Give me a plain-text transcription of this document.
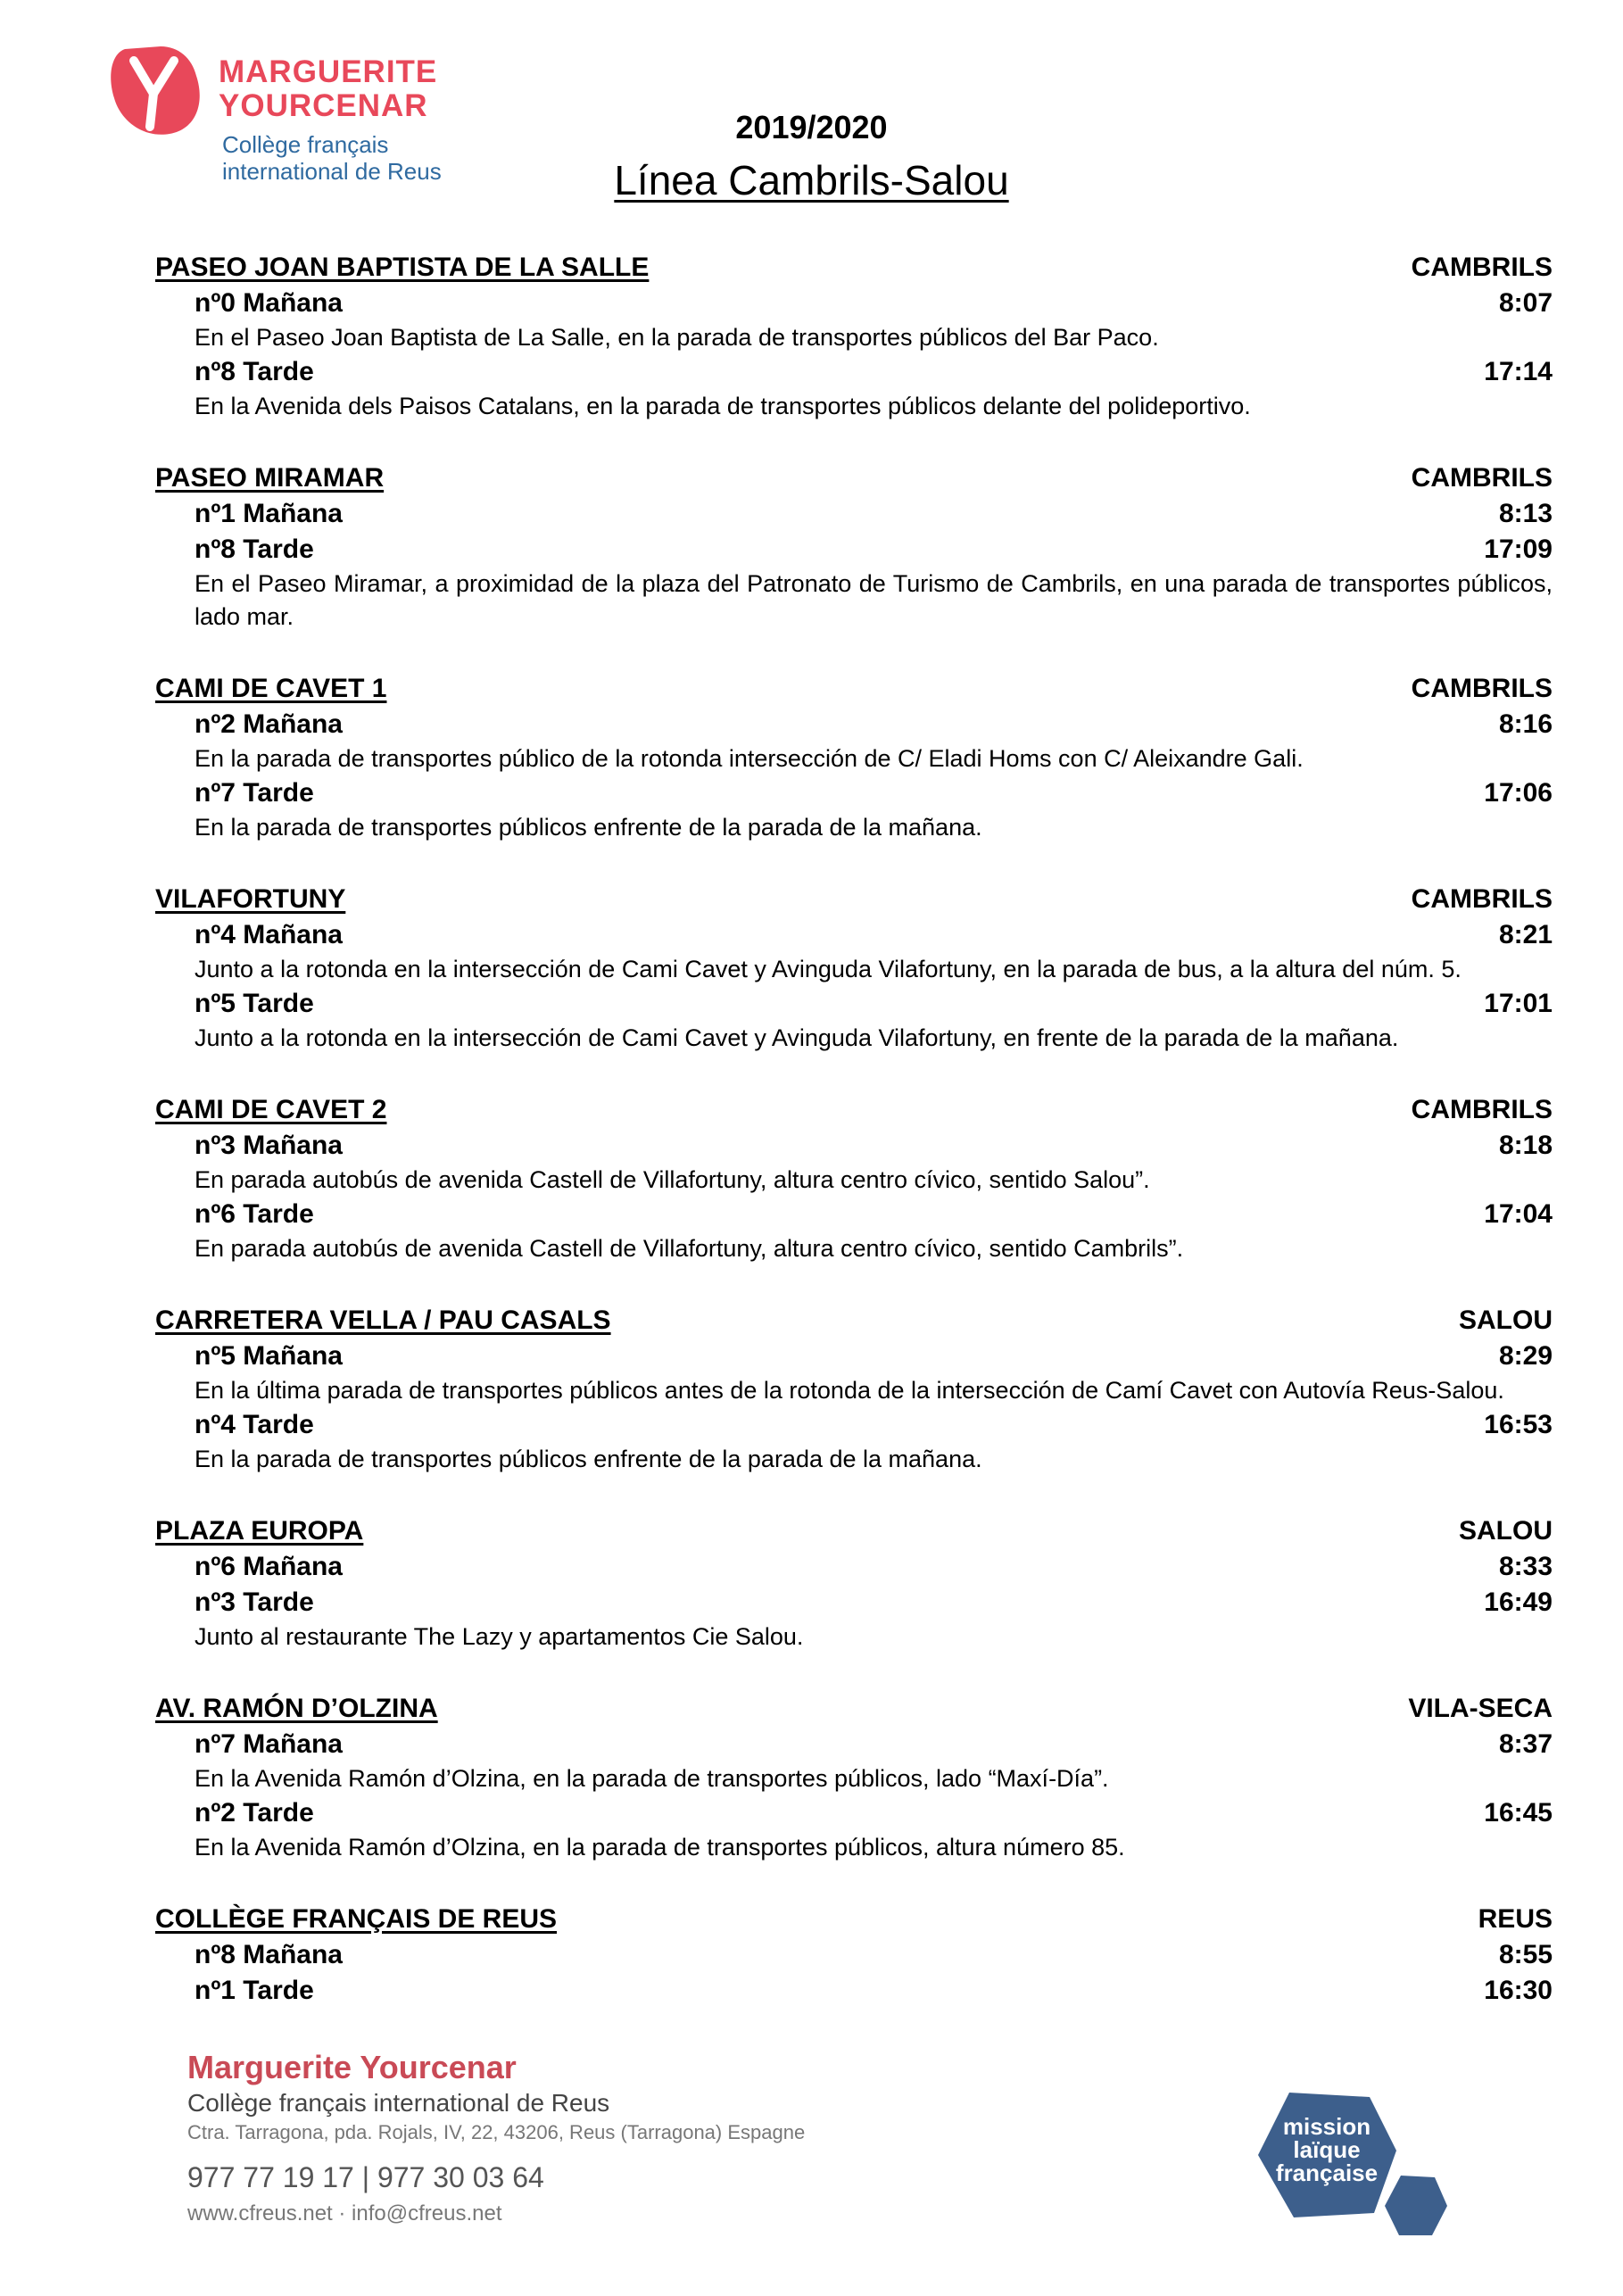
MARGUERITE
YOURCENAR
Collège français
international de Reus
2019/2020
Línea Cambrils-Salou
PASEO JOAN BAPTISTA DE LA SALLE	CAMBRILS
nº0 Mañana	8:07
En el Paseo Joan Baptista de La Salle, en la parada de transportes públicos del Bar Paco.
nº8 Tarde	17:14
En la Avenida dels Paisos Catalans, en la parada de transportes públicos delante del polideportivo.
PASEO MIRAMAR	CAMBRILS
nº1 Mañana	8:13
nº8 Tarde	17:09
En el Paseo Miramar, a proximidad de la plaza del Patronato de Turismo de Cambrils, en una parada de transportes públicos, lado mar.
CAMI DE CAVET 1	CAMBRILS
nº2 Mañana	8:16
En la parada de transportes público de la rotonda intersección de C/ Eladi Homs con C/ Aleixandre Gali.
nº7 Tarde	17:06
En la parada de transportes públicos enfrente de la parada de la mañana.
VILAFORTUNY	CAMBRILS
nº4 Mañana	8:21
Junto a la rotonda en la intersección de Cami Cavet y Avinguda Vilafortuny, en la parada de bus, a la altura del núm. 5.
nº5 Tarde	17:01
Junto a la rotonda en la intersección de Cami Cavet y Avinguda Vilafortuny, en frente de la parada de la mañana.
CAMI DE CAVET 2	CAMBRILS
nº3 Mañana	8:18
En parada autobús de avenida Castell de Villafortuny, altura centro cívico, sentido Salou”.
nº6 Tarde	17:04
En parada autobús de avenida Castell de Villafortuny, altura centro cívico, sentido Cambrils”.
CARRETERA VELLA / PAU CASALS	SALOU
nº5 Mañana	8:29
En la última parada de transportes públicos antes de la rotonda de la intersección de Camí Cavet con Autovía Reus-Salou.
nº4 Tarde	16:53
En la parada de transportes públicos enfrente de la parada de la mañana.
PLAZA EUROPA	SALOU
nº6 Mañana	8:33
nº3 Tarde	16:49
Junto al restaurante The Lazy y apartamentos Cie Salou.
AV. RAMÓN D’OLZINA	VILA-SECA
nº7 Mañana	8:37
En la Avenida Ramón d’Olzina, en la parada de transportes públicos, lado “Maxí-Día”.
nº2 Tarde	16:45
En la Avenida Ramón d’Olzina, en la parada de transportes públicos, altura número 85.
COLLÈGE FRANÇAIS DE REUS	REUS
nº8 Mañana	8:55
nº1 Tarde	16:30
Marguerite Yourcenar
Collège français international de Reus
Ctra. Tarragona, pda. Rojals, IV, 22, 43206, Reus (Tarragona) Espagne
977 77 19 17 | 977 30 03 64
www.cfreus.net · info@cfreus.net
mission
laïque
française
